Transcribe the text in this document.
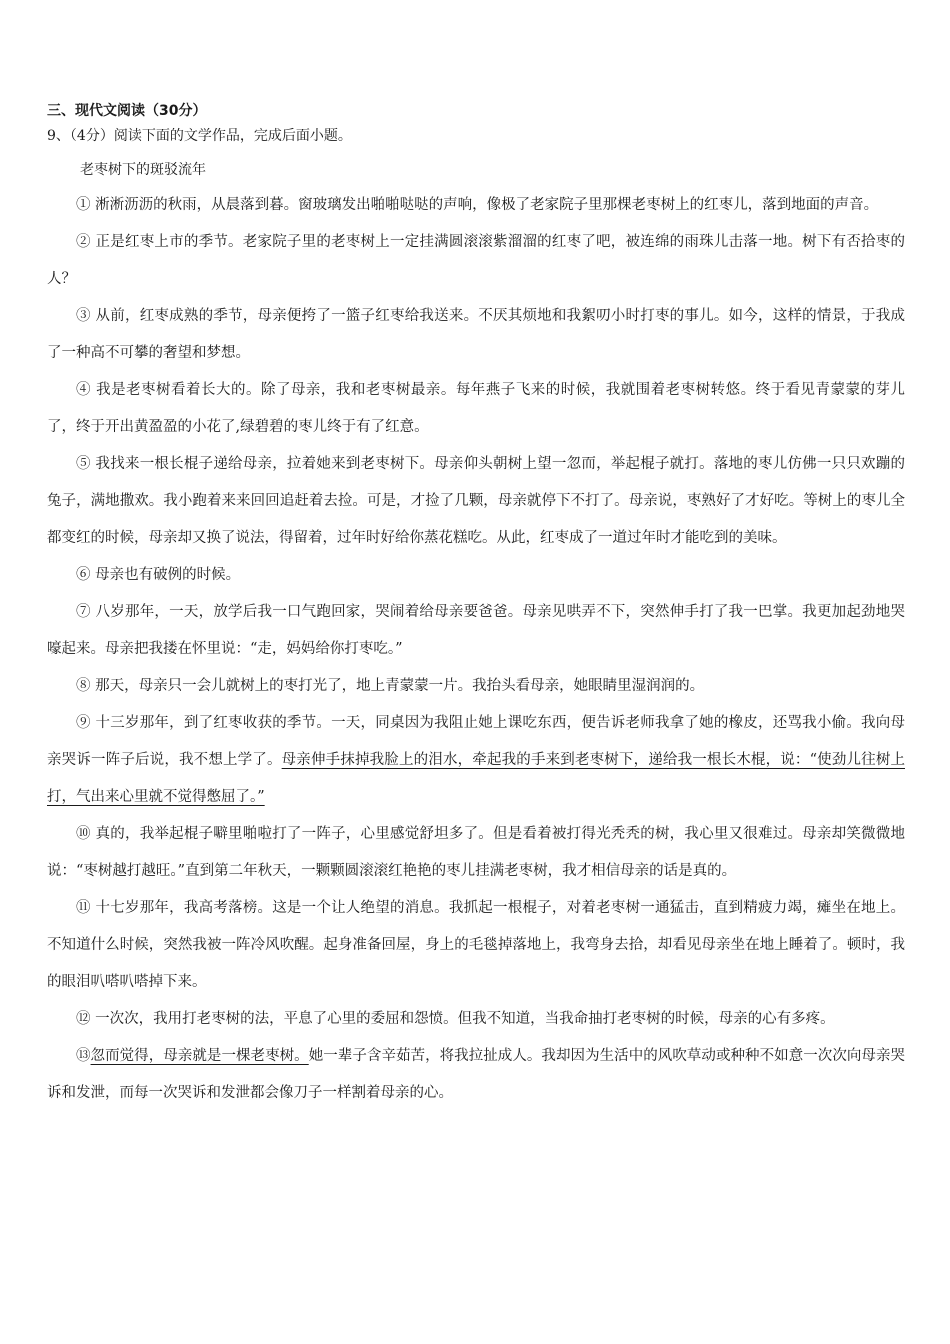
三、现代文阅读（30分）
9、（4分）阅读下面的文学作品，完成后面小题。
老枣树下的斑驳流年

① 淅淅沥沥的秋雨，从晨落到暮。窗玻璃发出啪啪哒哒的声响，像极了老家院子里那棵老枣树上的红枣儿，落到地面的声音。

② 正是红枣上市的季节。老家院子里的老枣树上一定挂满圆滚滚紫溜溜的红枣了吧，被连绵的雨珠儿击落一地。树下有否拾枣的人？

③ 从前，红枣成熟的季节，母亲便挎了一篮子红枣给我送来。不厌其烦地和我絮叨小时打枣的事儿。如今，这样的情景，于我成了一种高不可攀的奢望和梦想。

④ 我是老枣树看着长大的。除了母亲，我和老枣树最亲。每年燕子飞来的时候，我就围着老枣树转悠。终于看见青蒙蒙的芽儿了，终于开出黄盈盈的小花了,绿碧碧的枣儿终于有了红意。

⑤ 我找来一根长棍子递给母亲，拉着她来到老枣树下。母亲仰头朝树上望一忽而，举起棍子就打。落地的枣儿仿佛一只只欢蹦的兔子，满地撒欢。我小跑着来来回回追赶着去捡。可是，才捡了几颗，母亲就停下不打了。母亲说，枣熟好了才好吃。等树上的枣儿全都变红的时候，母亲却又换了说法，得留着，过年时好给你蒸花糕吃。从此，红枣成了一道过年时才能吃到的美味。

⑥ 母亲也有破例的时候。

⑦ 八岁那年，一天，放学后我一口气跑回家，哭闹着给母亲要爸爸。母亲见哄弄不下，突然伸手打了我一巴掌。我更加起劲地哭嚎起来。母亲把我搂在怀里说：“走，妈妈给你打枣吃。”

⑧ 那天，母亲只一会儿就树上的枣打光了，地上青蒙蒙一片。我抬头看母亲，她眼睛里湿润润的。

⑨ 十三岁那年，到了红枣收获的季节。一天，同桌因为我阻止她上课吃东西，便告诉老师我拿了她的橡皮，还骂我小偷。我向母亲哭诉一阵子后说，我不想上学了。母亲伸手抹掉我脸上的泪水，牵起我的手来到老枣树下，递给我一根长木棍，说：“使劲儿往树上打，气出来心里就不觉得憋屈了。”

⑩ 真的，我举起棍子噼里啪啦打了一阵子，心里感觉舒坦多了。但是看着被打得光秃秃的树，我心里又很难过。母亲却笑微微地说：“枣树越打越旺。”直到第二年秋天，一颗颗圆滚滚红艳艳的枣儿挂满老枣树，我才相信母亲的话是真的。

⑪ 十七岁那年，我高考落榜。这是一个让人绝望的消息。我抓起一根棍子，对着老枣树一通猛击，直到精疲力竭，瘫坐在地上。不知道什么时候，突然我被一阵冷风吹醒。起身准备回屋，身上的毛毯掉落地上，我弯身去拾，却看见母亲坐在地上睡着了。顿时，我的眼泪叭嗒叭嗒掉下来。

⑫ 一次次，我用打老枣树的法，平息了心里的委屈和怨愤。但我不知道，当我命抽打老枣树的时候，母亲的心有多疼。

⑬忽而觉得，母亲就是一棵老枣树。她一辈子含辛茹苦，将我拉扯成人。我却因为生活中的风吹草动或种种不如意一次次向母亲哭诉和发泄，而每一次哭诉和发泄都会像刀子一样割着母亲的心。
